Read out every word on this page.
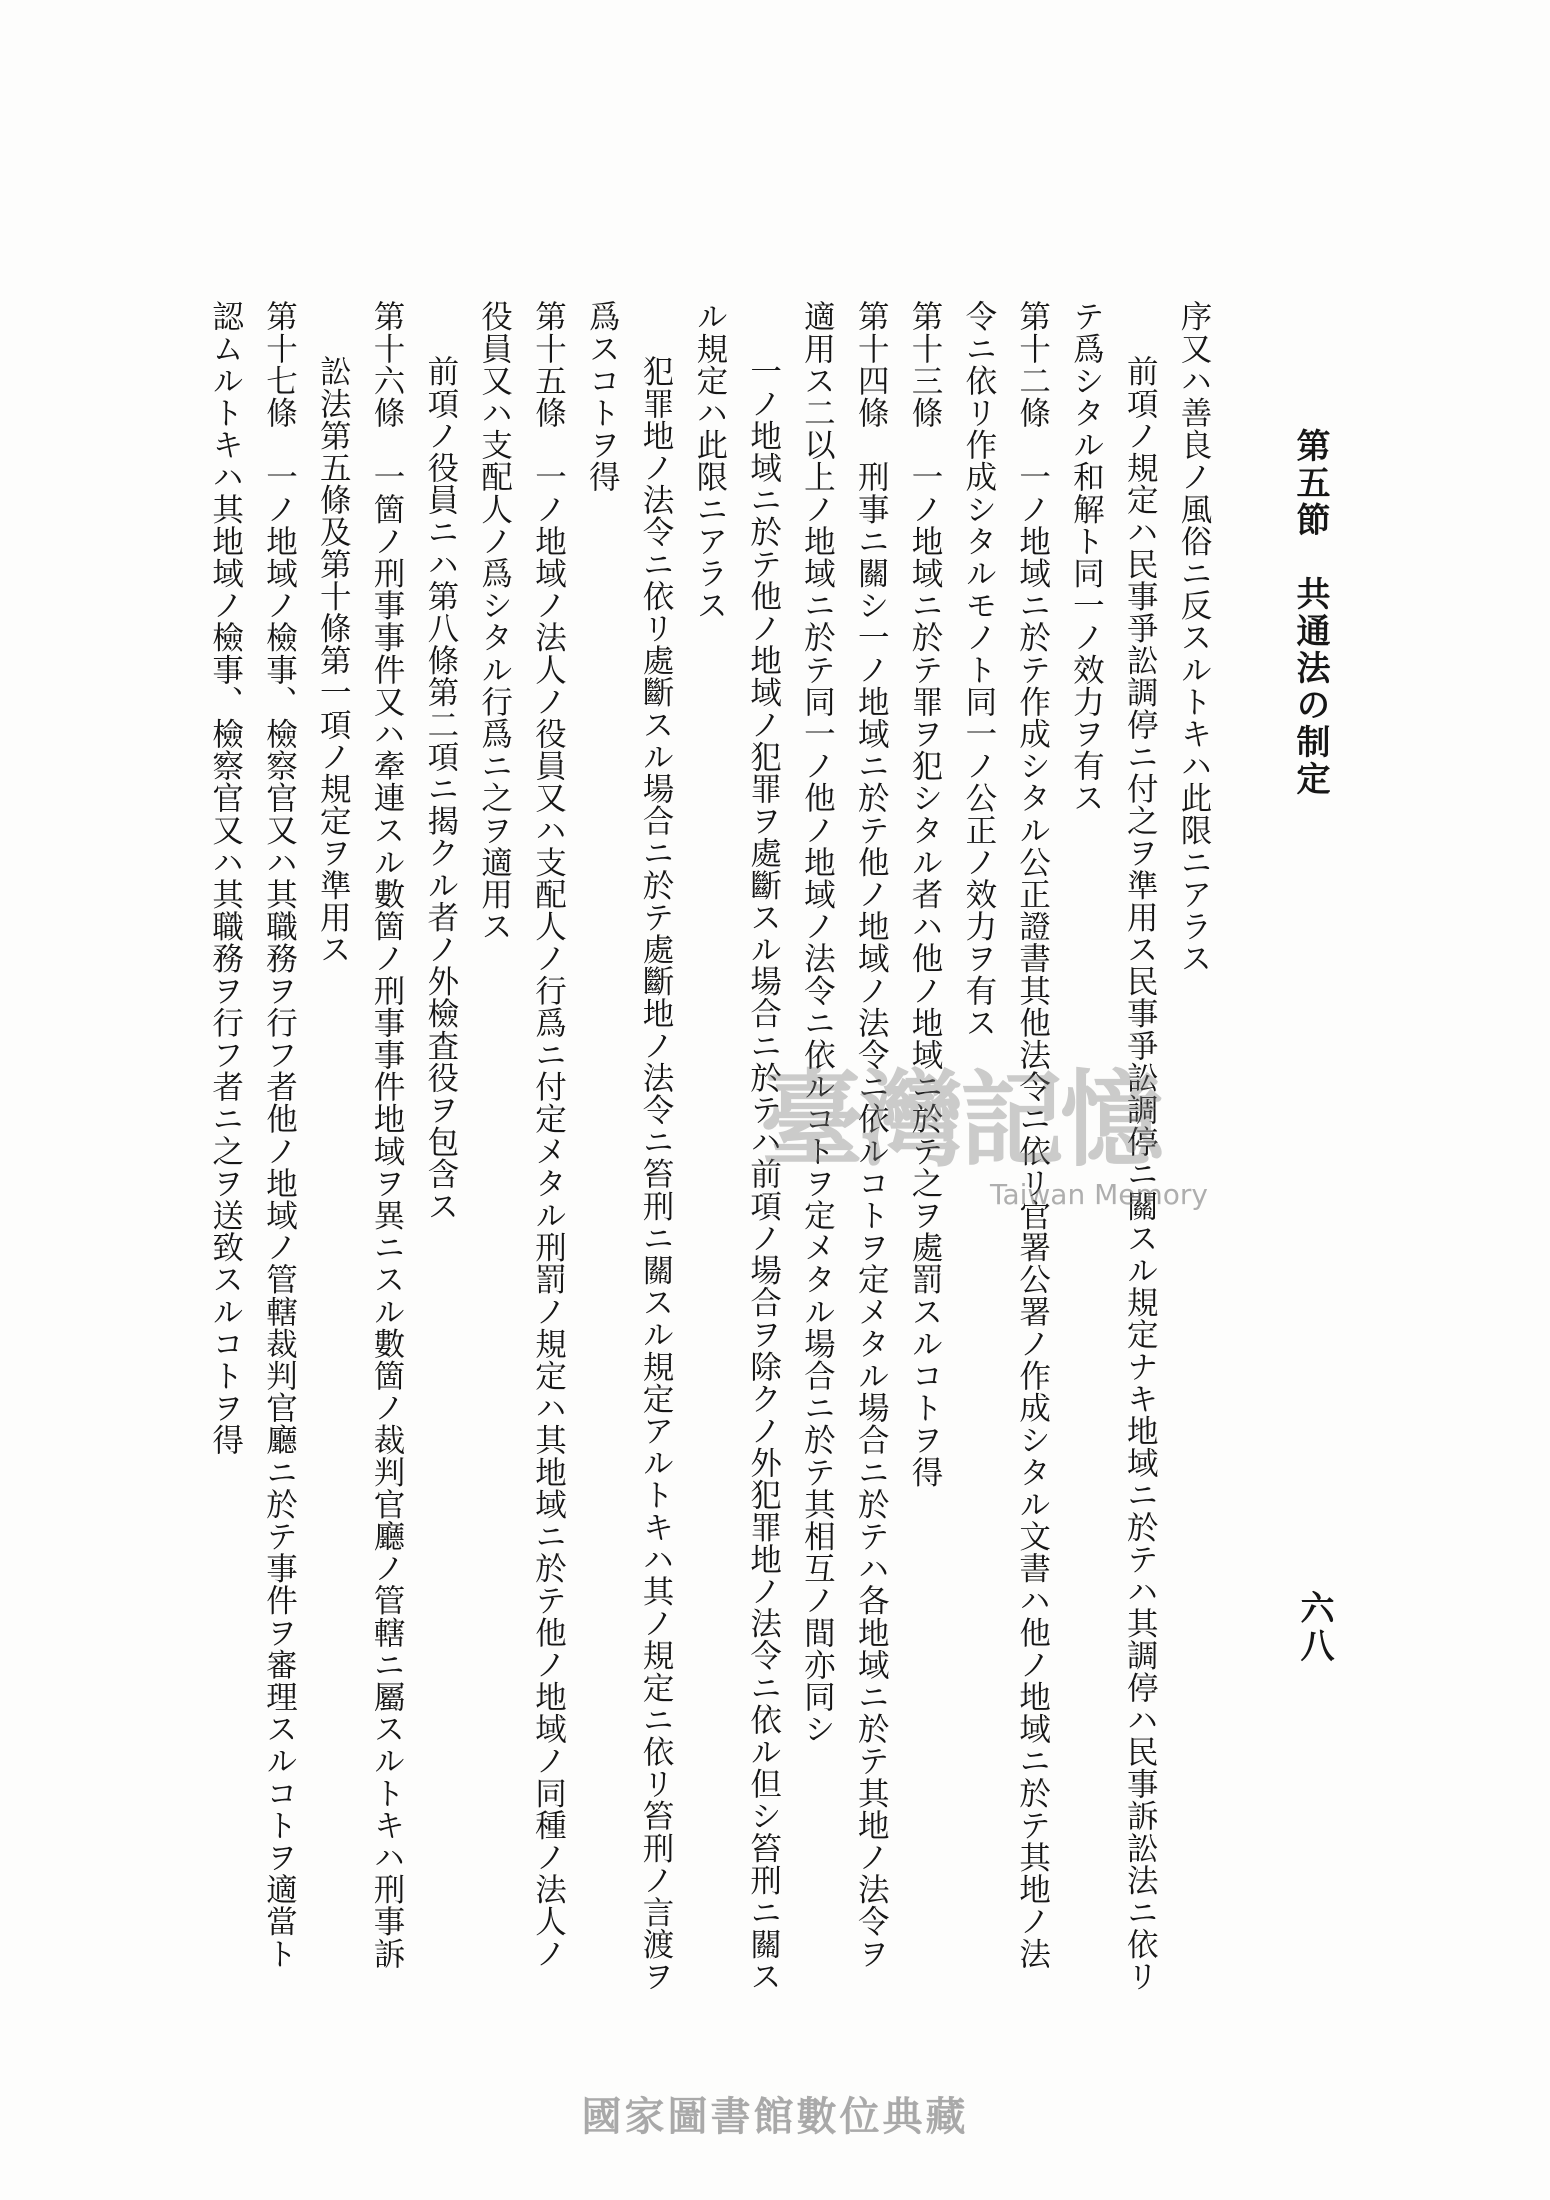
第五節　共通法の制定
六八
序又ハ善良ノ風俗ニ反スルトキハ此限ニアラス
前項ノ規定ハ民事爭訟調停ニ付之ヲ準用ス民事爭訟調停ニ關スル規定ナキ地域ニ於テハ其調停ハ民事訴訟法ニ依リ
テ爲シタル和解ト同一ノ效力ヲ有ス
第十二條　一ノ地域ニ於テ作成シタル公正證書其他法令ニ依リ官署公署ノ作成シタル文書ハ他ノ地域ニ於テ其地ノ法
令ニ依リ作成シタルモノト同一ノ公正ノ效力ヲ有ス
第十三條　一ノ地域ニ於テ罪ヲ犯シタル者ハ他ノ地域ニ於テ之ヲ處罰スルコトヲ得
第十四條　刑事ニ關シ一ノ地域ニ於テ他ノ地域ノ法令ニ依ルコトヲ定メタル場合ニ於テハ各地域ニ於テ其地ノ法令ヲ
適用ス二以上ノ地域ニ於テ同一ノ他ノ地域ノ法令ニ依ルコトヲ定メタル場合ニ於テ其相互ノ間亦同シ
一ノ地域ニ於テ他ノ地域ノ犯罪ヲ處斷スル場合ニ於テハ前項ノ場合ヲ除クノ外犯罪地ノ法令ニ依ル但シ笞刑ニ關ス
ル規定ハ此限ニアラス
犯罪地ノ法令ニ依リ處斷スル場合ニ於テ處斷地ノ法令ニ笞刑ニ關スル規定アルトキハ其ノ規定ニ依リ笞刑ノ言渡ヲ
爲スコトヲ得
第十五條　一ノ地域ノ法人ノ役員又ハ支配人ノ行爲ニ付定メタル刑罰ノ規定ハ其地域ニ於テ他ノ地域ノ同種ノ法人ノ
役員又ハ支配人ノ爲シタル行爲ニ之ヲ適用ス
前項ノ役員ニハ第八條第二項ニ揭クル者ノ外檢査役ヲ包含ス
第十六條　一箇ノ刑事事件又ハ牽連スル數箇ノ刑事事件地域ヲ異ニスル數箇ノ裁判官廳ノ管轄ニ屬スルトキハ刑事訴
訟法第五條及第十條第一項ノ規定ヲ準用ス
第十七條　一ノ地域ノ檢事、檢察官又ハ其職務ヲ行フ者他ノ地域ノ管轄裁判官廳ニ於テ事件ヲ審理スルコトヲ適當ト
認ムルトキハ其地域ノ檢事、檢察官又ハ其職務ヲ行フ者ニ之ヲ送致スルコトヲ得	臺灣記憶
Taiwan Memory
國家圖書館數位典藏
